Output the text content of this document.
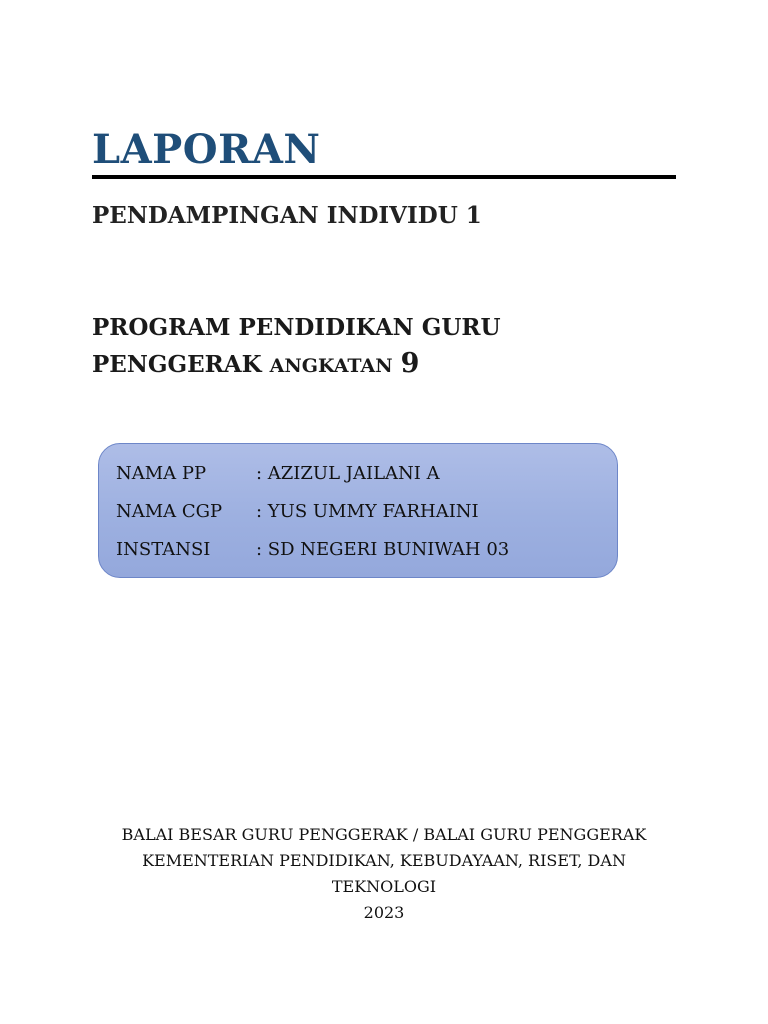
LAPORAN
PENDAMPINGAN INDIVIDU 1
PROGRAM PENDIDIKAN GURU
PENGGERAK ANGKATAN 9
NAMA PP	: AZIZUL JAILANI A
NAMA CGP : YUS UMMY FARHAINI
INSTANSI	: SD NEGERI BUNIWAH 03
BALAI BESAR GURU PENGGERAK / BALAI GURU PENGGERAK
KEMENTERIAN PENDIDIKAN, KEBUDAYAAN, RISET, DAN
TEKNOLOGI
2023
